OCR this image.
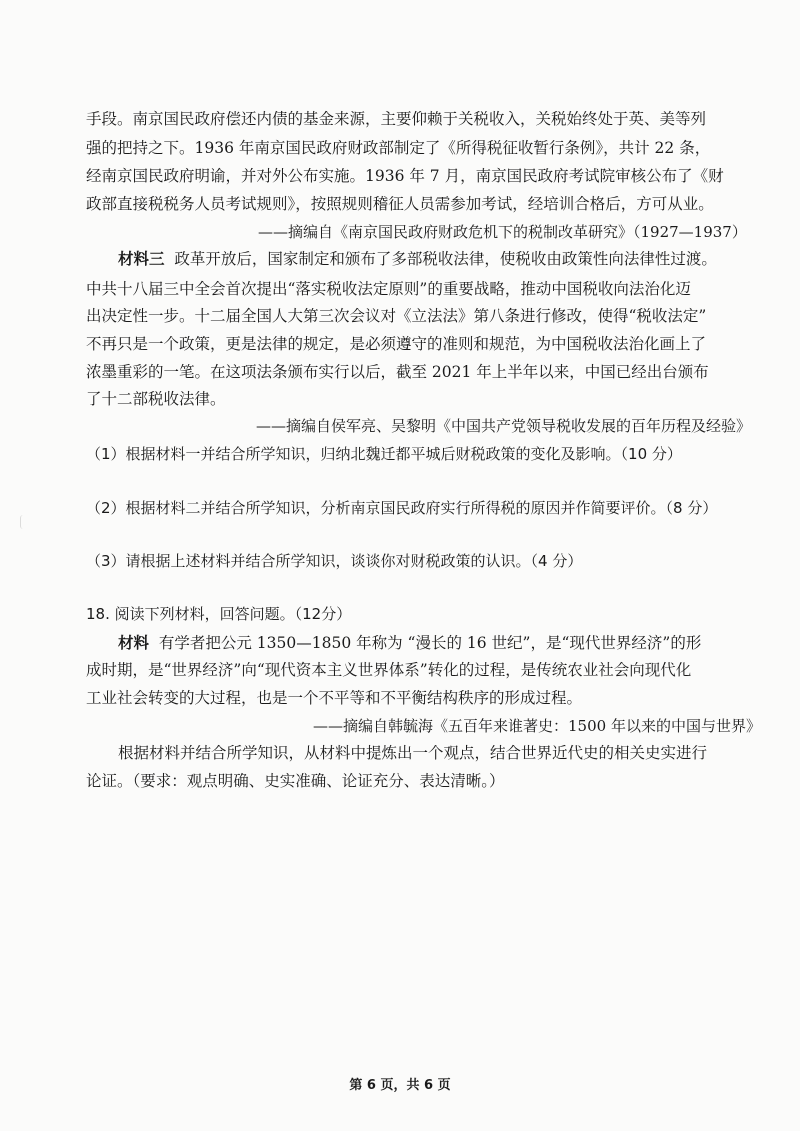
手段。南京国民政府偿还内债的基金来源，主要仰赖于关税收入，关税始终处于英、美等列
强的把持之下。1936 年南京国民政府财政部制定了《所得税征收暂行条例》，共计 22 条，
经南京国民政府明谕，并对外公布实施。1936 年 7 月，南京国民政府考试院审核公布了《财
政部直接税税务人员考试规则》，按照规则稽征人员需参加考试，经培训合格后，方可从业。
——摘编自《南京国民政府财政危机下的税制改革研究》（1927—1937）
材料三 政革开放后，国家制定和颁布了多部税收法律，使税收由政策性向法律性过渡。
中共十八届三中全会首次提出“落实税收法定原则”的重要战略，推动中国税收向法治化迈
出决定性一步。十二届全国人大第三次会议对《立法法》第八条进行修改，使得“税收法定”
不再只是一个政策，更是法律的规定，是必须遵守的准则和规范，为中国税收法治化画上了
浓墨重彩的一笔。在这项法条颁布实行以后，截至 2021 年上半年以来，中国已经出台颁布
了十二部税收法律。
——摘编自侯军亮、吴黎明《中国共产党领导税收发展的百年历程及经验》
（1）根据材料一并结合所学知识，归纳北魏迁都平城后财税政策的变化及影响。（10 分）
（2）根据材料二并结合所学知识，分析南京国民政府实行所得税的原因并作简要评价。（8 分）
（3）请根据上述材料并结合所学知识，谈谈你对财税政策的认识。（4 分）
18. 阅读下列材料，回答问题。（12分）
材料 有学者把公元 1350—1850 年称为 “漫长的 16 世纪”，是“现代世界经济”的形
成时期，是“世界经济”向“现代资本主义世界体系”转化的过程，是传统农业社会向现代化
工业社会转变的大过程，也是一个不平等和不平衡结构秩序的形成过程。
——摘编自韩毓海《五百年来谁著史：1500 年以来的中国与世界》
根据材料并结合所学知识，从材料中提炼出一个观点，结合世界近代史的相关史实进行
论证。（要求：观点明确、史实准确、论证充分、表达清晰。）
第 6 页，共 6 页
